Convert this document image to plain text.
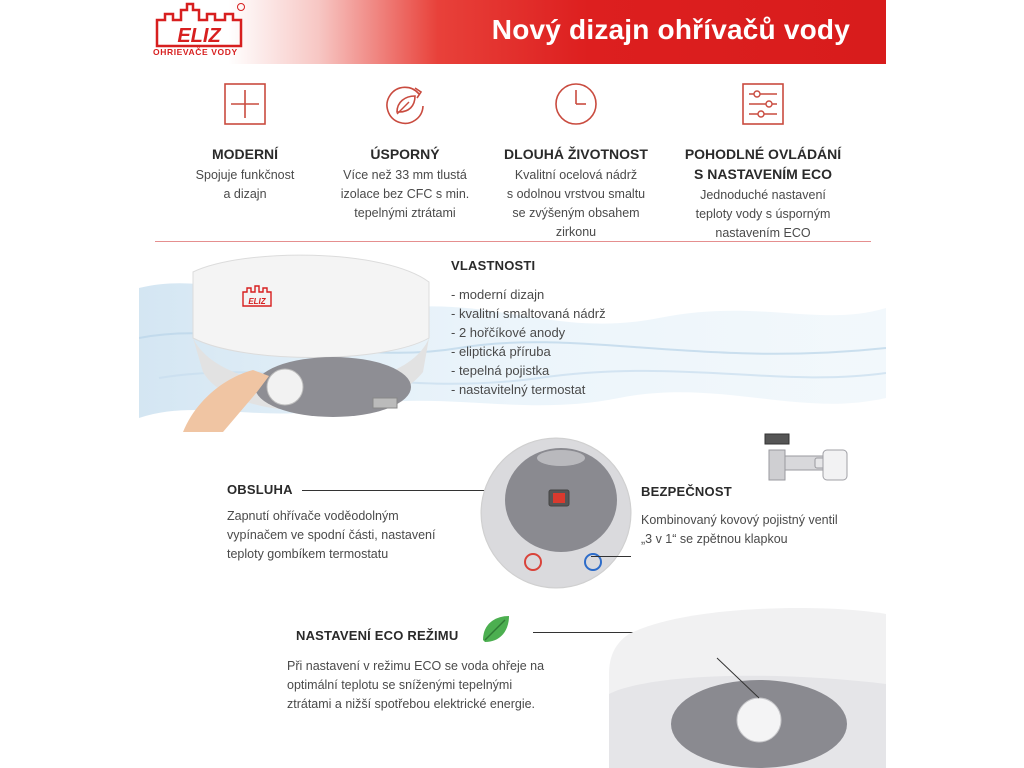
ELIZ
OHRIEVAČE VODY
Nový dizajn ohřívačů vody
MODERNÍ
Spojuje funkčnost
a dizajn
ÚSPORNÝ
Více než 33 mm tlustá
izolace bez CFC s min.
tepelnými ztrátami
DLOUHÁ ŽIVOTNOST
Kvalitní ocelová nádrž
s odolnou vrstvou smaltu
se zvýšeným obsahem
zirkonu
POHODLNÉ OVLÁDÁNÍ
S NASTAVENÍM ECO
Jednoduché nastavení
teploty vody s úsporným
nastavením ECO
ELIZ
VLASTNOSTI
- moderní dizajn
- kvalitní smaltovaná nádrž
- 2 hořčíkové anody
- eliptická příruba
- tepelná pojistka
- nastavitelný termostat
OBSLUHA
Zapnutí ohřívače voděodolným
vypínačem ve spodní části, nastavení
teploty gombíkem termostatu
BEZPEČNOST
Kombinovaný kovový pojistný ventil
„3 v 1“ se zpětnou klapkou
NASTAVENÍ ECO REŽIMU
Při nastavení v režimu ECO se voda ohřeje na
optimální teplotu se sníženými tepelnými
ztrátami a nižší spotřebou elektrické energie.
